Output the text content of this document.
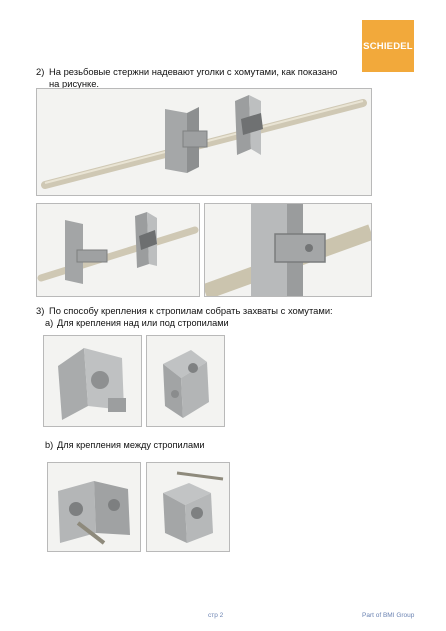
SCHIEDEL
2) На резьбовые стержни надевают уголки с хомутами, как показано на рисунке.
3) По способу крепления к стропилам собрать захваты с хомутами:
a) Для крепления над или под стропилами
b) Для крепления между стропилами
стр 2	Part of BMI Group
